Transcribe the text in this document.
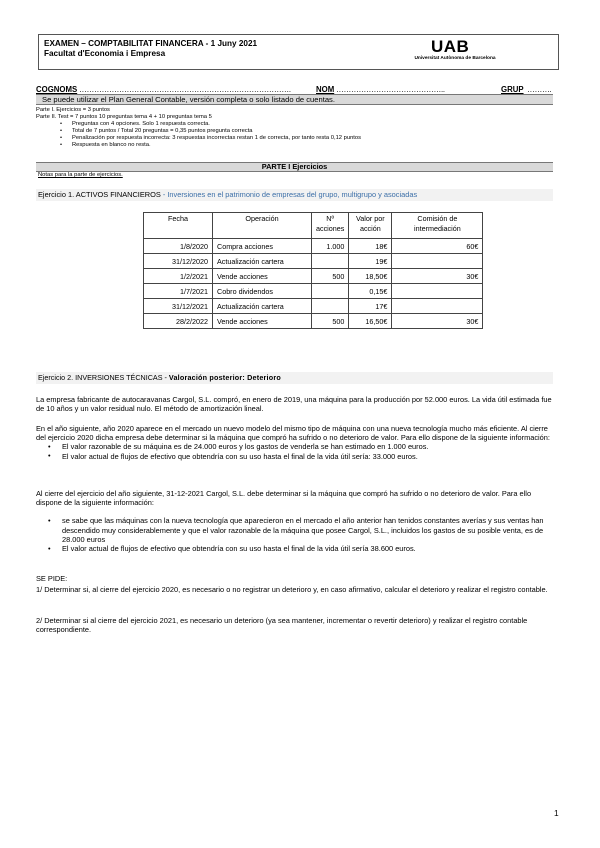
EXAMEN – COMPTABILITAT FINANCERA - 1 Juny 2021
Facultat d'Economia i Empresa	UAB
Universitat Autònoma de Barcelona
COGNOMS ………………………………………………………………………….	NOM ……………………………………..	GRUP ……….
Se puede utilizar el Plan General Contable, versión completa o solo listado de cuentas.
Parte I. Ejercicios = 3 puntos
Parte II. Test = 7 puntos 10 preguntas tema 4 + 10 preguntas tema 5
• Preguntas con 4 opciones. Solo 1 respuesta correcta.
• Total de 7 puntos / Total 20 preguntas = 0,35 puntos pregunta correcta
• Penalización por respuesta incorrecta: 3 respuestas incorrectas restan 1 de correcta, por tanto resta 0,12 puntos
• Respuesta en blanco no resta.
PARTE I Ejercicios
Notas para la parte de ejercicios.
Ejercicio 1. ACTIVOS FINANCIEROS - Inversiones en el patrimonio de empresas del grupo, multigrupo y asociadas
Fecha	Operación	Nº acciones	Valor por acción	Comisión de intermediación
1/8/2020	Compra acciones	1.000	18€	60€
31/12/2020	Actualización cartera		19€	
1/2/2021	Vende acciones	500	18,50€	30€
1/7/2021	Cobro dividendos		0,15€	
31/12/2021	Actualización cartera		17€	
28/2/2022	Vende acciones	500	16,50€	30€
Ejercicio 2. INVERSIONES TÉCNICAS - Valoración posterior: Deterioro
La empresa fabricante de autocaravanas Cargol, S.L. compró, en enero de 2019, una máquina para la producción por 52.000 euros. La vida útil estimada fue de 10 años y un valor residual nulo. El método de amortización lineal.
En el año siguiente, año 2020 aparece en el mercado un nuevo modelo del mismo tipo de máquina con una nueva tecnología mucho más eficiente. Al cierre del ejercicio 2020 dicha empresa debe determinar si la máquina que compró ha sufrido o no deterioro de valor. Para ello dispone de la siguiente información:
• El valor razonable de su máquina es de 24.000 euros y los gastos de venderla se han estimado en 1.000 euros.
• El valor actual de flujos de efectivo que obtendría con su uso hasta el final de la vida útil sería: 33.000 euros.
Al cierre del ejercicio del año siguiente, 31-12-2021 Cargol, S.L. debe determinar si la máquina que compró ha sufrido o no deterioro de valor. Para ello dispone de la siguiente información:
• se sabe que las máquinas con la nueva tecnología que aparecieron en el mercado el año anterior han tenidos constantes averías y sus ventas han descendido muy considerablemente y que el valor razonable de la máquina que posee Cargol, S.L., incluidos los gastos de su posible venta, es de 28.000 euros
• El valor actual de flujos de efectivo que obtendría con su uso hasta el final de la vida útil sería 38.600 euros.
SE PIDE:
1/ Determinar si, al cierre del ejercicio 2020, es necesario o no registrar un deterioro y, en caso afirmativo, calcular el deterioro y realizar el registro contable.
2/ Determinar si al cierre del ejercicio 2021, es necesario un deterioro (ya sea mantener, incrementar o revertir deterioro) y realizar el registro contable correspondiente.
1
